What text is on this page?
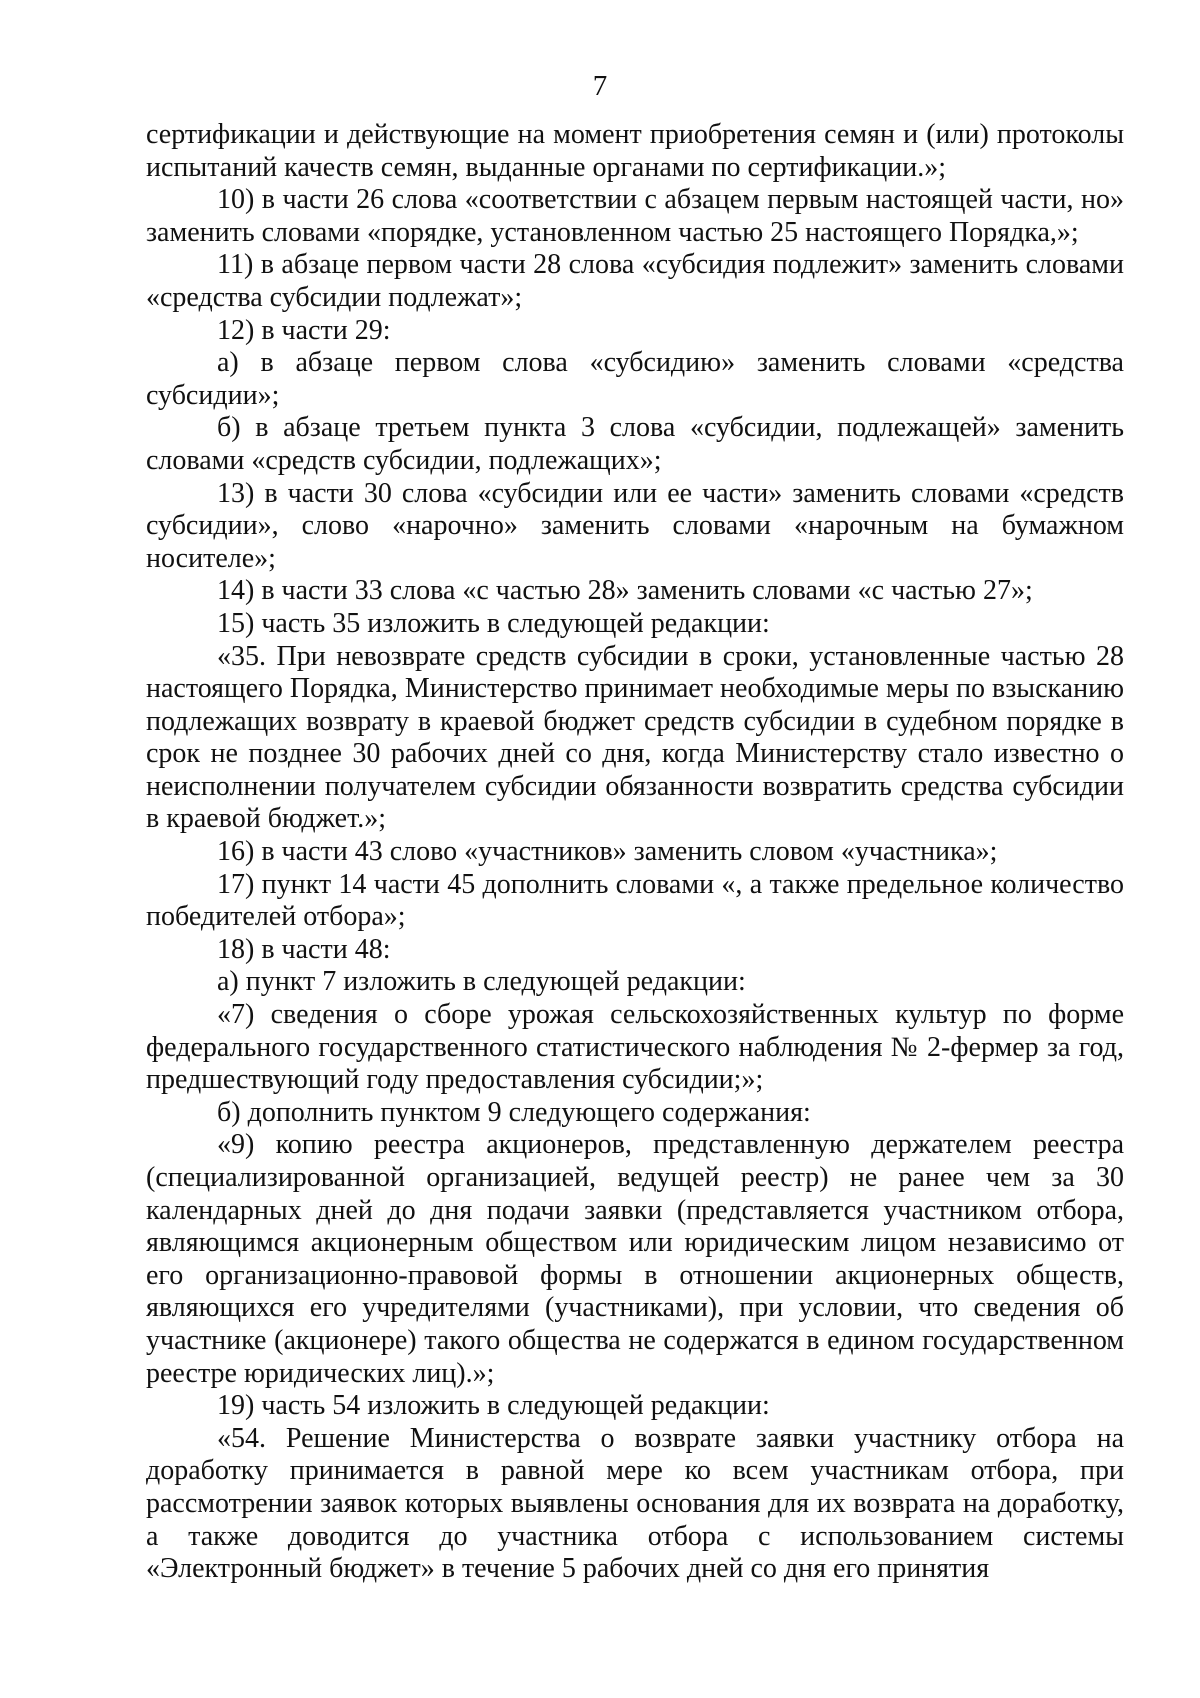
7

сертификации и действующие на момент приобретения семян и (или) протоколы испытаний качеств семян, выданные органами по сертификации.»;

10) в части 26 слова «соответствии с абзацем первым настоящей части, но» заменить словами «порядке, установленном частью 25 настоящего Порядка,»;

11) в абзаце первом части 28 слова «субсидия подлежит» заменить словами «средства субсидии подлежат»;

12) в части 29:

а) в абзаце первом слова «субсидию» заменить словами «средства субсидии»;

б) в абзаце третьем пункта 3 слова «субсидии, подлежащей» заменить словами «средств субсидии, подлежащих»;

13) в части 30 слова «субсидии или ее части» заменить словами «средств субсидии», слово «нарочно» заменить словами «нарочным на бумажном носителе»;

14) в части 33 слова «с частью 28» заменить словами «с частью 27»;

15) часть 35 изложить в следующей редакции:

«35. При невозврате средств субсидии в сроки, установленные частью 28 настоящего Порядка, Министерство принимает необходимые меры по взысканию подлежащих возврату в краевой бюджет средств субсидии в судебном порядке в срок не позднее 30 рабочих дней со дня, когда Министерству стало известно о неисполнении получателем субсидии обязанности возвратить средства субсидии в краевой бюджет.»;

16) в части 43 слово «участников» заменить словом «участника»;

17) пункт 14 части 45 дополнить словами «, а также предельное количество победителей отбора»;

18) в части 48:

а) пункт 7 изложить в следующей редакции:

«7) сведения о сборе урожая сельскохозяйственных культур по форме федерального государственного статистического наблюдения № 2-фермер за год, предшествующий году предоставления субсидии;»;

б) дополнить пунктом 9 следующего содержания:

«9) копию реестра акционеров, представленную держателем реестра (специализированной организацией, ведущей реестр) не ранее чем за 30 календарных дней до дня подачи заявки (представляется участником отбора, являющимся акционерным обществом или юридическим лицом независимо от его организационно-правовой формы в отношении акционерных обществ, являющихся его учредителями (участниками), при условии, что сведения об участнике (акционере) такого общества не содержатся в едином государственном реестре юридических лиц).»;

19) часть 54 изложить в следующей редакции:

«54. Решение Министерства о возврате заявки участнику отбора на доработку принимается в равной мере ко всем участникам отбора, при рассмотрении заявок которых выявлены основания для их возврата на доработку, а также доводится до участника отбора с использованием системы «Электронный бюджет» в течение 5 рабочих дней со дня его принятия
